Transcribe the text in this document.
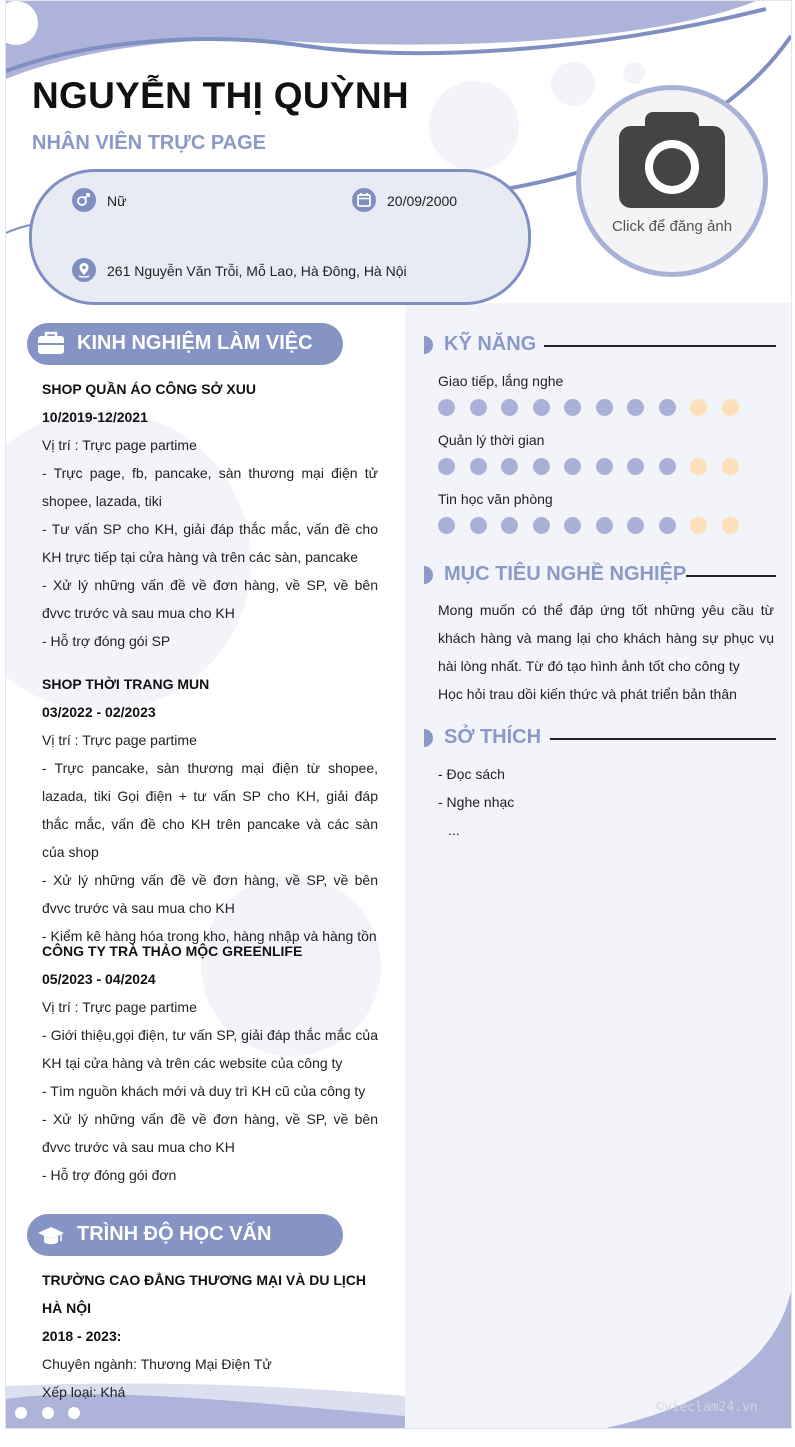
NGUYỄN THỊ QUỲNH
NHÂN VIÊN TRỰC PAGE
Nữ	20/09/2000
261 Nguyễn Văn Trỗi, Mỗ Lao, Hà Đông, Hà Nội
Click để đăng ảnh
KINH NGHIỆM LÀM VIỆC
SHOP QUẦN ÁO CÔNG SỞ XUU
10/2019-12/2021
Vị trí : Trực page partime
- Trực page, fb, pancake, sàn thương mại điện tử shopee, lazada, tiki
- Tư vấn SP cho KH, giải đáp thắc mắc, vấn đề cho KH trực tiếp tại cửa hàng và trên các sàn, pancake
- Xử lý những vấn đề về đơn hàng, về SP, về bên đvvc trước và sau mua cho KH
- Hỗ trợ đóng gói SP
SHOP THỜI TRANG MUN
03/2022 - 02/2023
Vị trí : Trực page partime
- Trực pancake, sàn thương mại điện từ shopee, lazada, tiki Gọi điện + tư vấn SP cho KH, giải đáp thắc mắc, vấn đề cho KH trên pancake và các sàn của shop
- Xử lý những vấn đề về đơn hàng, về SP, về bên đvvc trước và sau mua cho KH
- Kiểm kê hàng hóa trong kho, hàng nhập và hàng tồn
CÔNG TY TRÀ THẢO MỘC GREENLIFE
05/2023 - 04/2024
Vị trí : Trực page partime
- Giới thiệu,gọi điện, tư vấn SP, giải đáp thắc mắc của KH tại cửa hàng và trên các website của công ty
- Tìm nguồn khách mới và duy trì KH cũ của công ty
- Xử lý những vấn đề về đơn hàng, về SP, về bên đvvc trước và sau mua cho KH
- Hỗ trợ đóng gói đơn
TRÌNH ĐỘ HỌC VẤN
TRƯỜNG CAO ĐẲNG THƯƠNG MẠI VÀ DU LỊCH HÀ NỘI
2018 - 2023:
Chuyên ngành: Thương Mại Điện Tử
Xếp loại: Khá
KỸ NĂNG
Giao tiếp, lắng nghe
Quản lý thời gian
Tin học văn phòng
MỤC TIÊU NGHỀ NGHIỆP
Mong muốn có thể đáp ứng tốt những yêu cầu từ khách hàng và mang lại cho khách hàng sự phục vụ hài lòng nhất. Từ đó tạo hình ảnh tốt cho công ty
Học hỏi trau dồi kiến thức và phát triển bản thân
SỞ THÍCH
- Đọc sách
- Nghe nhạc
...
©vieclam24.vn
